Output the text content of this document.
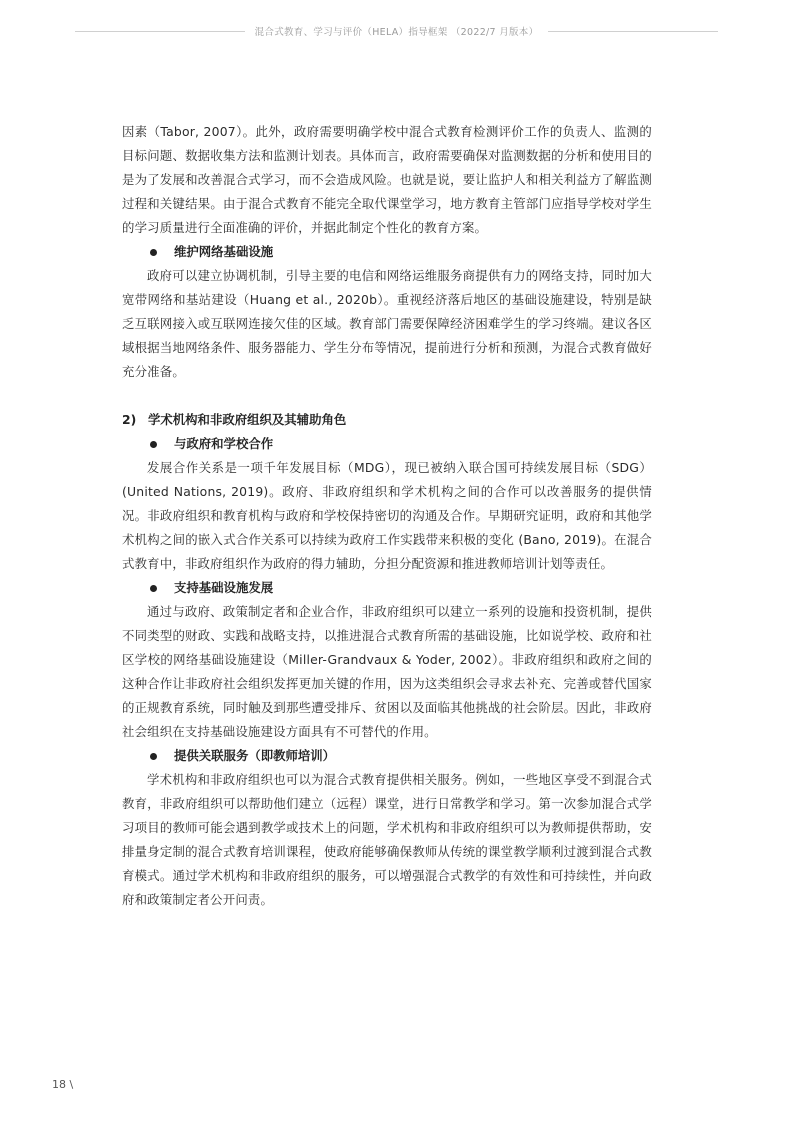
混合式教育、学习与评价（HELA）指导框架 （2022/7 月版本）

因素（Tabor, 2007）。此外，政府需要明确学校中混合式教育检测评价工作的负责人、监测的目标问题、数据收集方法和监测计划表。具体而言，政府需要确保对监测数据的分析和使用目的是为了发展和改善混合式学习，而不会造成风险。也就是说，要让监护人和相关利益方了解监测过程和关键结果。由于混合式教育不能完全取代课堂学习，地方教育主管部门应指导学校对学生的学习质量进行全面准确的评价，并据此制定个性化的教育方案。

维护网络基础设施

政府可以建立协调机制，引导主要的电信和网络运维服务商提供有力的网络支持，同时加大宽带网络和基站建设（Huang et al., 2020b）。重视经济落后地区的基础设施建设，特别是缺乏互联网接入或互联网连接欠佳的区域。教育部门需要保障经济困难学生的学习终端。建议各区域根据当地网络条件、服务器能力、学生分布等情况，提前进行分析和预测，为混合式教育做好充分准备。

2) 学术机构和非政府组织及其辅助角色
与政府和学校合作

发展合作关系是一项千年发展目标（MDG），现已被纳入联合国可持续发展目标（SDG）(United Nations, 2019)。政府、非政府组织和学术机构之间的合作可以改善服务的提供情况。非政府组织和教育机构与政府和学校保持密切的沟通及合作。早期研究证明，政府和其他学术机构之间的嵌入式合作关系可以持续为政府工作实践带来积极的变化 (Bano, 2019)。在混合式教育中，非政府组织作为政府的得力辅助，分担分配资源和推进教师培训计划等责任。

支持基础设施发展

通过与政府、政策制定者和企业合作，非政府组织可以建立一系列的设施和投资机制，提供不同类型的财政、实践和战略支持，以推进混合式教育所需的基础设施，比如说学校、政府和社区学校的网络基础设施建设（Miller-Grandvaux & Yoder, 2002）。非政府组织和政府之间的这种合作让非政府社会组织发挥更加关键的作用，因为这类组织会寻求去补充、完善或替代国家的正规教育系统，同时触及到那些遭受排斥、贫困以及面临其他挑战的社会阶层。因此，非政府社会组织在支持基础设施建设方面具有不可替代的作用。

提供关联服务（即教师培训）

学术机构和非政府组织也可以为混合式教育提供相关服务。例如，一些地区享受不到混合式教育，非政府组织可以帮助他们建立（远程）课堂，进行日常教学和学习。第一次参加混合式学习项目的教师可能会遇到教学或技术上的问题，学术机构和非政府组织可以为教师提供帮助，安排量身定制的混合式教育培训课程，使政府能够确保教师从传统的课堂教学顺利过渡到混合式教育模式。通过学术机构和非政府组织的服务，可以增强混合式教学的有效性和可持续性，并向政府和政策制定者公开问责。

18 \
